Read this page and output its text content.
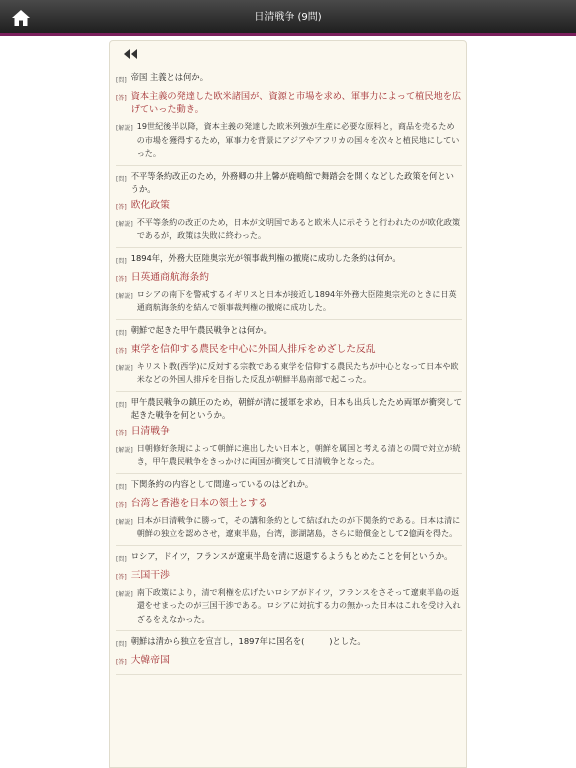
日清戦争 (9問)
[問] 帝国 主義とは何か。
[答] 資本主義の発達した欧米諸国が、資源と市場を求め、軍事力によって植民地を広げていった動き。
[解説] 19世紀後半以降，資本主義の発達した欧米列強が生産に必要な原料と，商品を売るための市場を獲得するため，軍事力を背景にアジアやアフリカの国々を次々と植民地にしていった。
[問] 不平等条約改正のため，外務卿の井上馨が鹿鳴館で舞踏会を開くなどした政策を何というか。
[答] 欧化政策
[解説] 不平等条約の改正のため，日本が文明国であると欧米人に示そうと行われたのが欧化政策であるが，政策は失敗に終わった。
[問] 1894年，外務大臣陸奥宗光が領事裁判権の撤廃に成功した条約は何か。
[答] 日英通商航海条約
[解説] ロシアの南下を警戒するイギリスと日本が接近し1894年外務大臣陸奥宗光のときに日英通商航海条約を結んで領事裁判権の撤廃に成功した。
[問] 朝鮮で起きた甲午農民戦争とは何か。
[答] 東学を信仰する農民を中心に外国人排斥をめざした反乱
[解説] キリスト教(西学)に反対する宗教である東学を信仰する農民たちが中心となって日本や欧米などの外国人排斥を目指した反乱が朝鮮半島南部で起こった。
[問] 甲午農民戦争の鎮圧のため，朝鮮が清に援軍を求め，日本も出兵したため両軍が衝突して起きた戦争を何というか。
[答] 日清戦争
[解説] 日朝修好条規によって朝鮮に進出したい日本と，朝鮮を属国と考える清との間で対立が続き，甲午農民戦争をきっかけに両国が衝突して日清戦争となった。
[問] 下関条約の内容として間違っているのはどれか。
[答] 台湾と香港を日本の領土とする
[解説] 日本が日清戦争に勝って，その講和条約として結ばれたのが下関条約である。日本は清に朝鮮の独立を認めさせ，遼東半島，台湾，澎湖諸島，さらに賠償金として2億両を得た。
[問] ロシア，ドイツ，フランスが遼東半島を清に返還するようもとめたことを何というか。
[答] 三国干渉
[解説] 南下政策により，清で利権を広げたいロシアがドイツ，フランスをさそって遼東半島の返還をせまったのが三国干渉である。ロシアに対抗する力の無かった日本はこれを受け入れざるをえなかった。
[問] 朝鮮は清から独立を宣言し，1897年に国名を(　　　)とした。
[答] 大韓帝国
